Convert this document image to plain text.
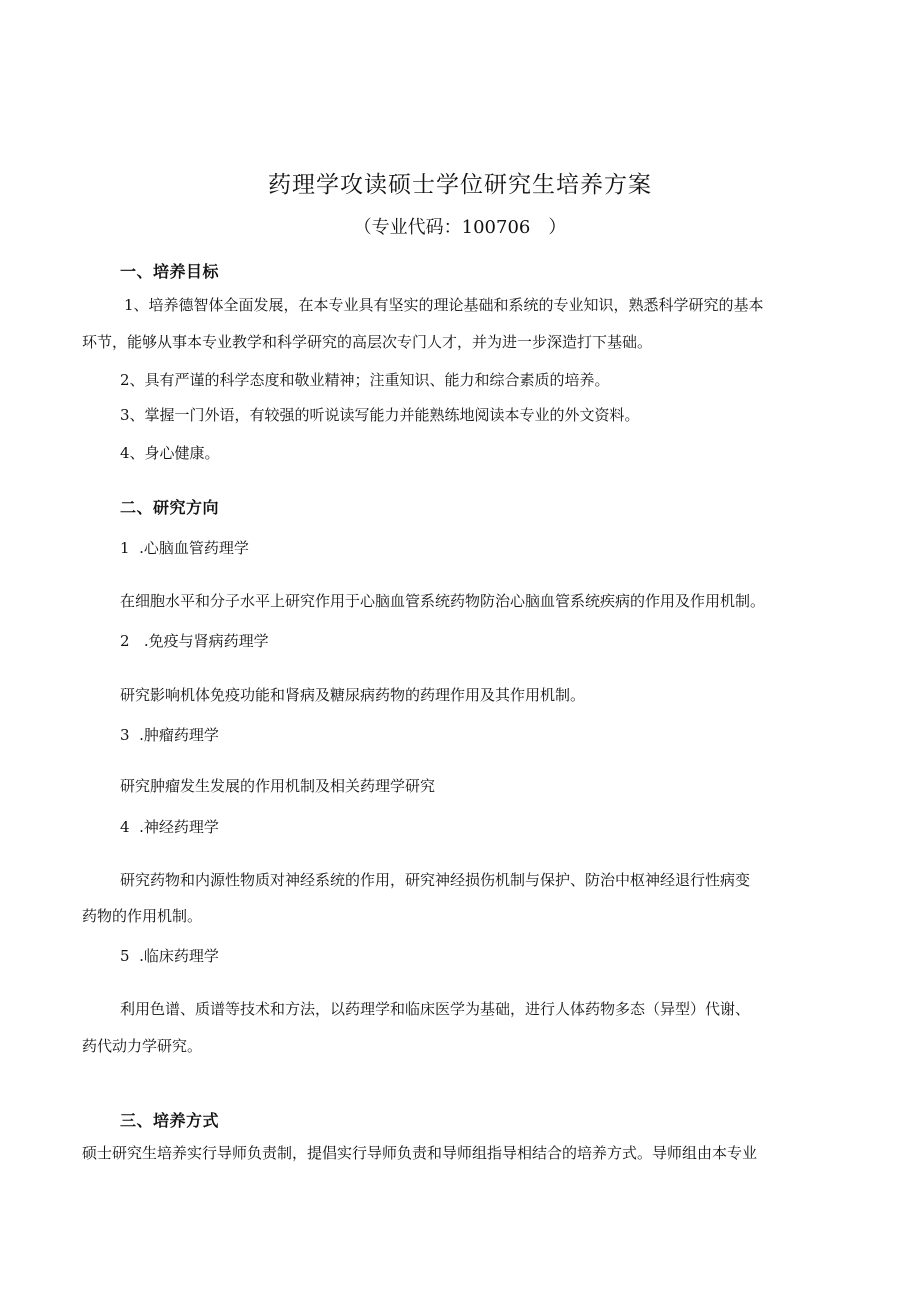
药理学攻读硕士学位研究生培养方案
（专业代码：100706　）
一、培养目标
1、培养德智体全面发展，在本专业具有坚实的理论基础和系统的专业知识，熟悉科学研究的基本
环节，能够从事本专业教学和科学研究的高层次专门人才，并为进一步深造打下基础。
2、具有严谨的科学态度和敬业精神；注重知识、能力和综合素质的培养。
3、掌握一门外语，有较强的听说读写能力并能熟练地阅读本专业的外文资料。
4、身心健康。
二、研究方向
1  .心脑血管药理学
在细胞水平和分子水平上研究作用于心脑血管系统药物防治心脑血管系统疾病的作用及作用机制。
2   .免疫与肾病药理学
研究影响机体免疫功能和肾病及糖尿病药物的药理作用及其作用机制。
3  .肿瘤药理学
研究肿瘤发生发展的作用机制及相关药理学研究
4  .神经药理学
研究药物和内源性物质对神经系统的作用，研究神经损伤机制与保护、防治中枢神经退行性病变
药物的作用机制。
5  .临床药理学
利用色谱、质谱等技术和方法，以药理学和临床医学为基础，进行人体药物多态（异型）代谢、
药代动力学研究。
三、培养方式
硕士研究生培养实行导师负责制，提倡实行导师负责和导师组指导相结合的培养方式。导师组由本专业
